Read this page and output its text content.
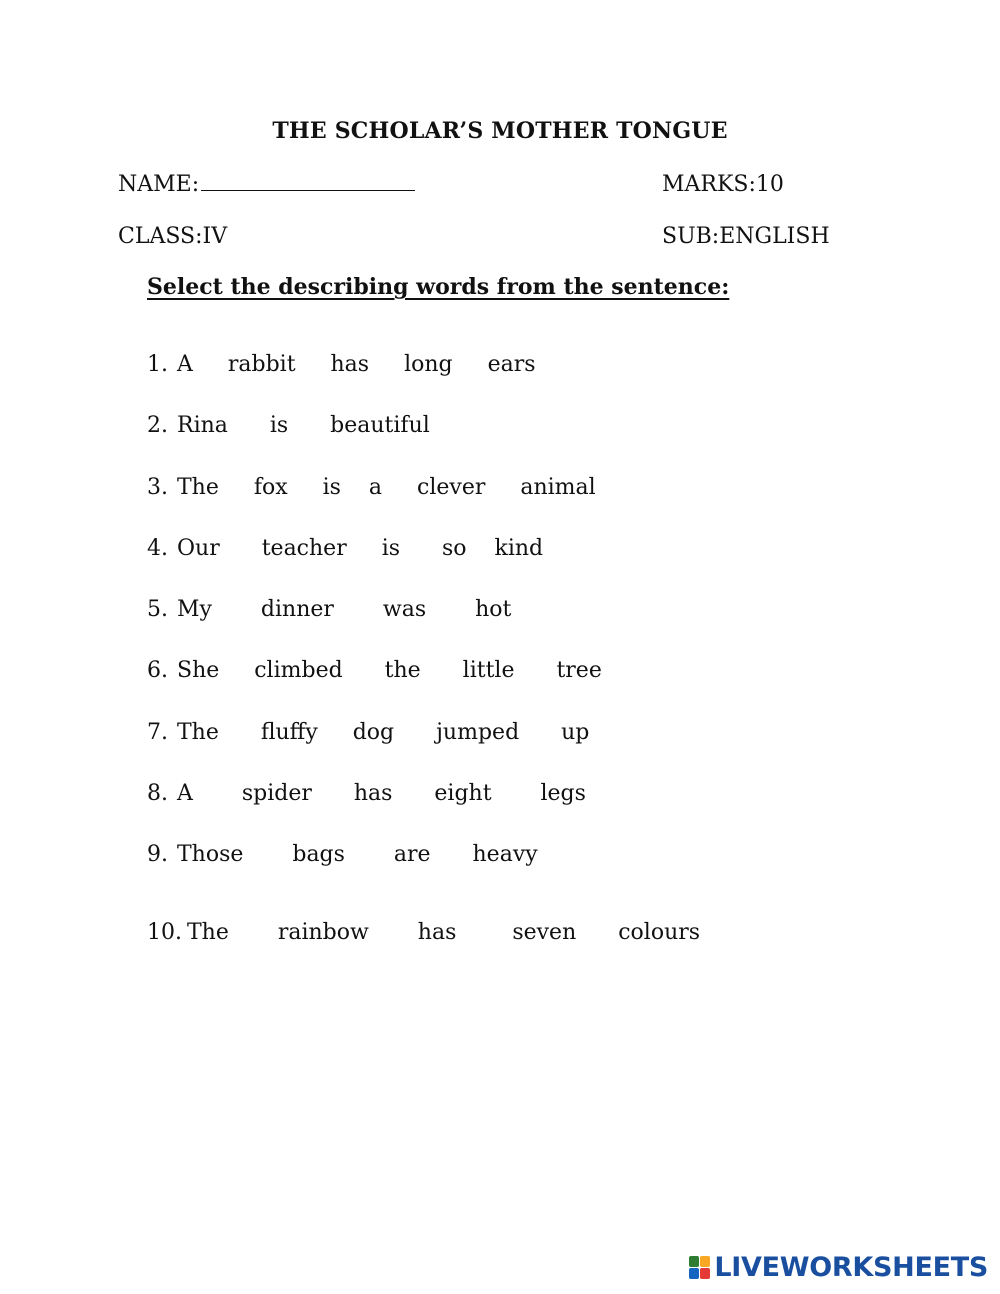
THE SCHOLAR’S MOTHER TONGUE
NAME:	MARKS:10
CLASS:IV	SUB:ENGLISH
Select the describing words from the sentence:
1. A rabbit has long ears
2. Rina is beautiful
3. The fox is a clever animal
4. Our teacher is so kind
5. My dinner was hot
6. She climbed the little tree
7. The fluffy dog jumped up
8. A spider has eight legs
9. Those bags are heavy
10. The rainbow has	seven colours
LIVEWORKSHEETS
